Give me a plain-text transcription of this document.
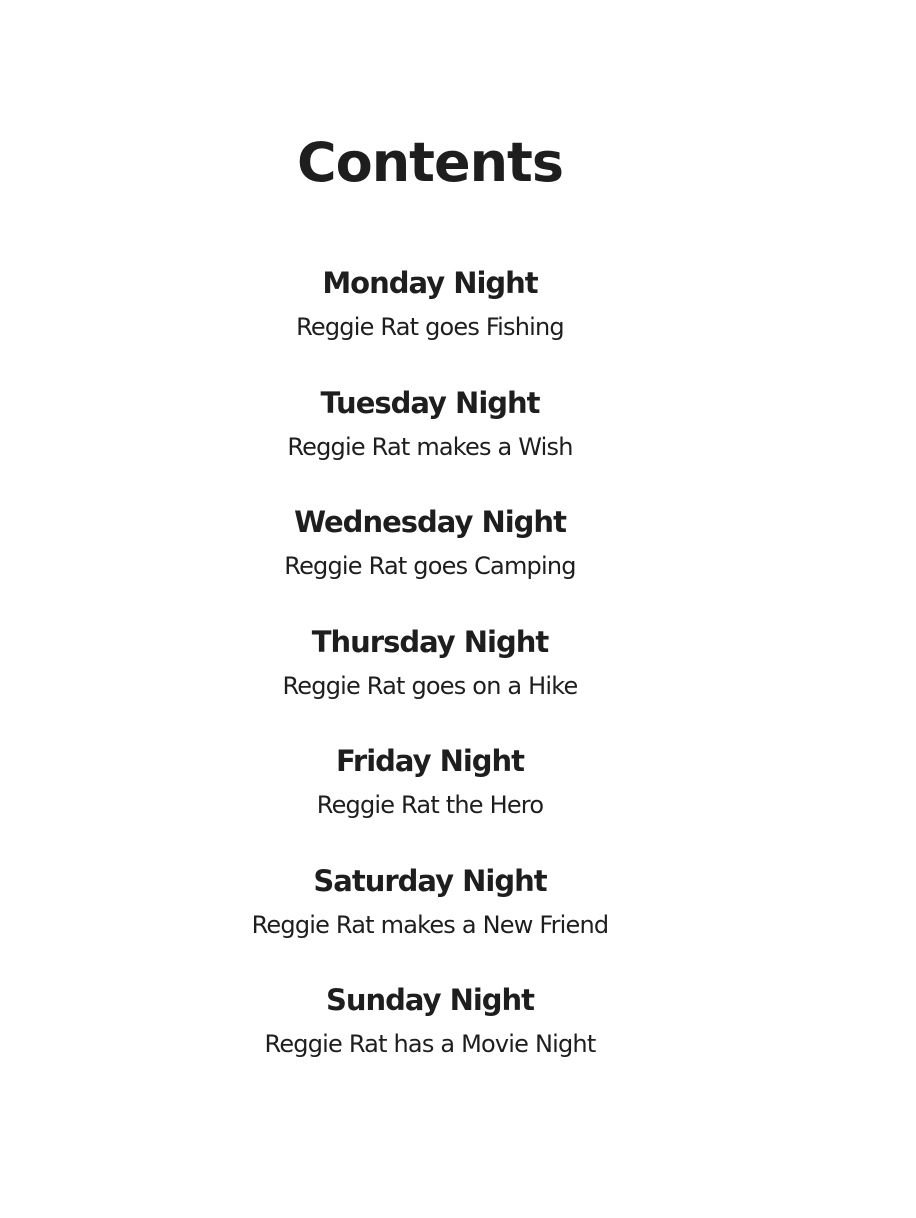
Contents
Monday Night
Reggie Rat goes Fishing
Tuesday Night
Reggie Rat makes a Wish
Wednesday Night
Reggie Rat goes Camping
Thursday Night
Reggie Rat goes on a Hike
Friday Night
Reggie Rat the Hero
Saturday Night
Reggie Rat makes a New Friend
Sunday Night
Reggie Rat has a Movie Night
